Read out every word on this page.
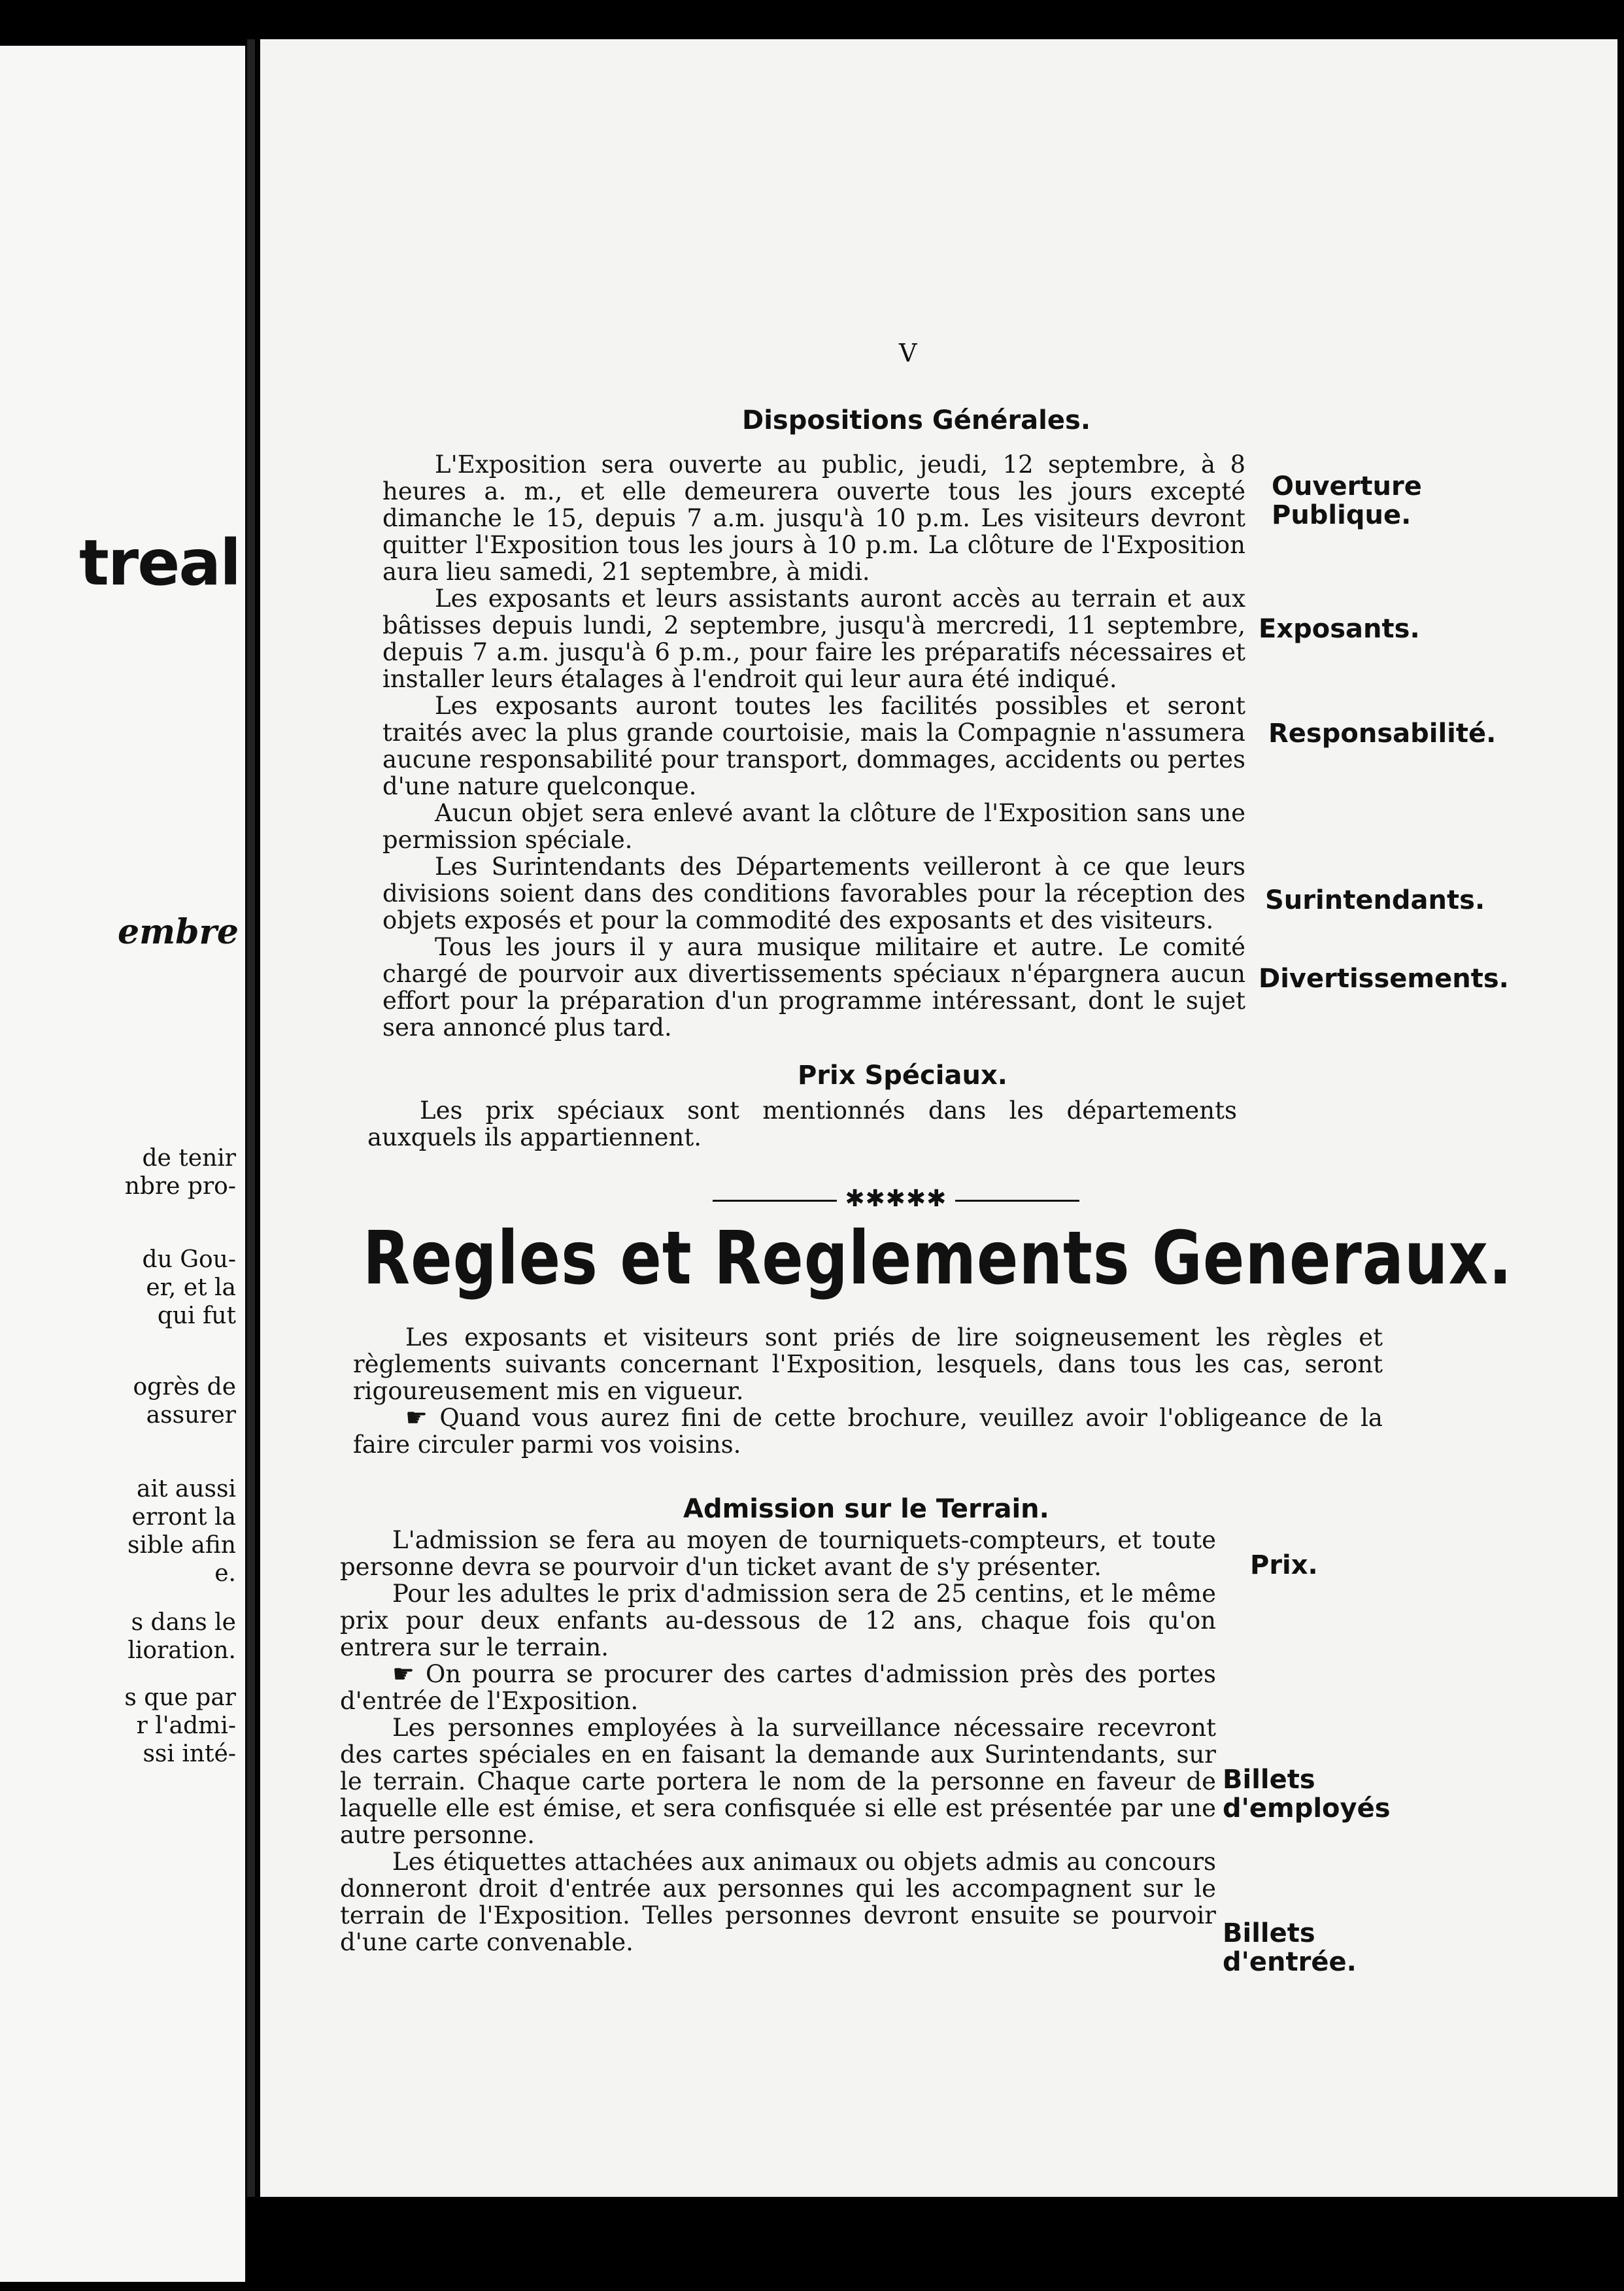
treal
embre
de tenir
nbre pro-
du Gou-
er, et la
qui fut
ogrès de
assurer
ait aussi
erront la
sible afin
e.
s dans le
lioration.
s que par
r l'admi-
ssi inté-
V
Dispositions Générales.

L'Exposition sera ouverte au public, jeudi, 12 septembre, à 8 heures a. m., et elle demeurera ouverte tous les jours excepté dimanche le 15, depuis 7 a.m. jusqu'à 10 p.m. Les visiteurs devront quitter l'Exposition tous les jours à 10 p.m. La clôture de l'Exposition aura lieu samedi, 21 septembre, à midi.

Les exposants et leurs assistants auront accès au terrain et aux bâtisses depuis lundi, 2 septembre, jusqu'à mercredi, 11 septembre, depuis 7 a.m. jusqu'à 6 p.m., pour faire les préparatifs nécessaires et installer leurs étalages à l'endroit qui leur aura été indiqué.

Les exposants auront toutes les facilités possibles et seront traités avec la plus grande courtoisie, mais la Compagnie n'assumera aucune responsabilité pour transport, dommages, accidents ou pertes d'une nature quelconque.

Aucun objet sera enlevé avant la clôture de l'Exposition sans une permission spéciale.

Les Surintendants des Départements veilleront à ce que leurs divisions soient dans des conditions favorables pour la réception des objets exposés et pour la commodité des exposants et des visiteurs.

Tous les jours il y aura musique militaire et autre. Le comité chargé de pourvoir aux divertissements spéciaux n'épargnera aucun effort pour la préparation d'un programme intéressant, dont le sujet sera annoncé plus tard.

Ouverture Publique.
Exposants.
Responsabilité.
Surintendants.
Divertissements.
Prix Spéciaux.

Les prix spéciaux sont mentionnés dans les départements auxquels ils appartiennent.

✱✱✱✱✱
Regles et Reglements Generaux.

Les exposants et visiteurs sont priés de lire soigneusement les règles et règlements suivants concernant l'Exposition, lesquels, dans tous les cas, seront rigoureusement mis en vigueur.

☛ Quand vous aurez fini de cette brochure, veuillez avoir l'obligeance de la faire circuler parmi vos voisins.

Admission sur le Terrain.

L'admission se fera au moyen de tourniquets-compteurs, et toute personne devra se pourvoir d'un ticket avant de s'y présenter.

Pour les adultes le prix d'admission sera de 25 centins, et le même prix pour deux enfants au-dessous de 12 ans, chaque fois qu'on entrera sur le terrain.

☛ On pourra se procurer des cartes d'admission près des portes d'entrée de l'Exposition.

Les personnes employées à la surveillance nécessaire recevront des cartes spéciales en en faisant la demande aux Surintendants, sur le terrain. Chaque carte portera le nom de la personne en faveur de laquelle elle est émise, et sera confisquée si elle est présentée par une autre personne.

Les étiquettes attachées aux animaux ou objets admis au concours donneront droit d'entrée aux personnes qui les accompagnent sur le terrain de l'Exposition. Telles personnes devront ensuite se pourvoir d'une carte convenable.

Prix.
Billets d'employés
Billets d'entrée.
